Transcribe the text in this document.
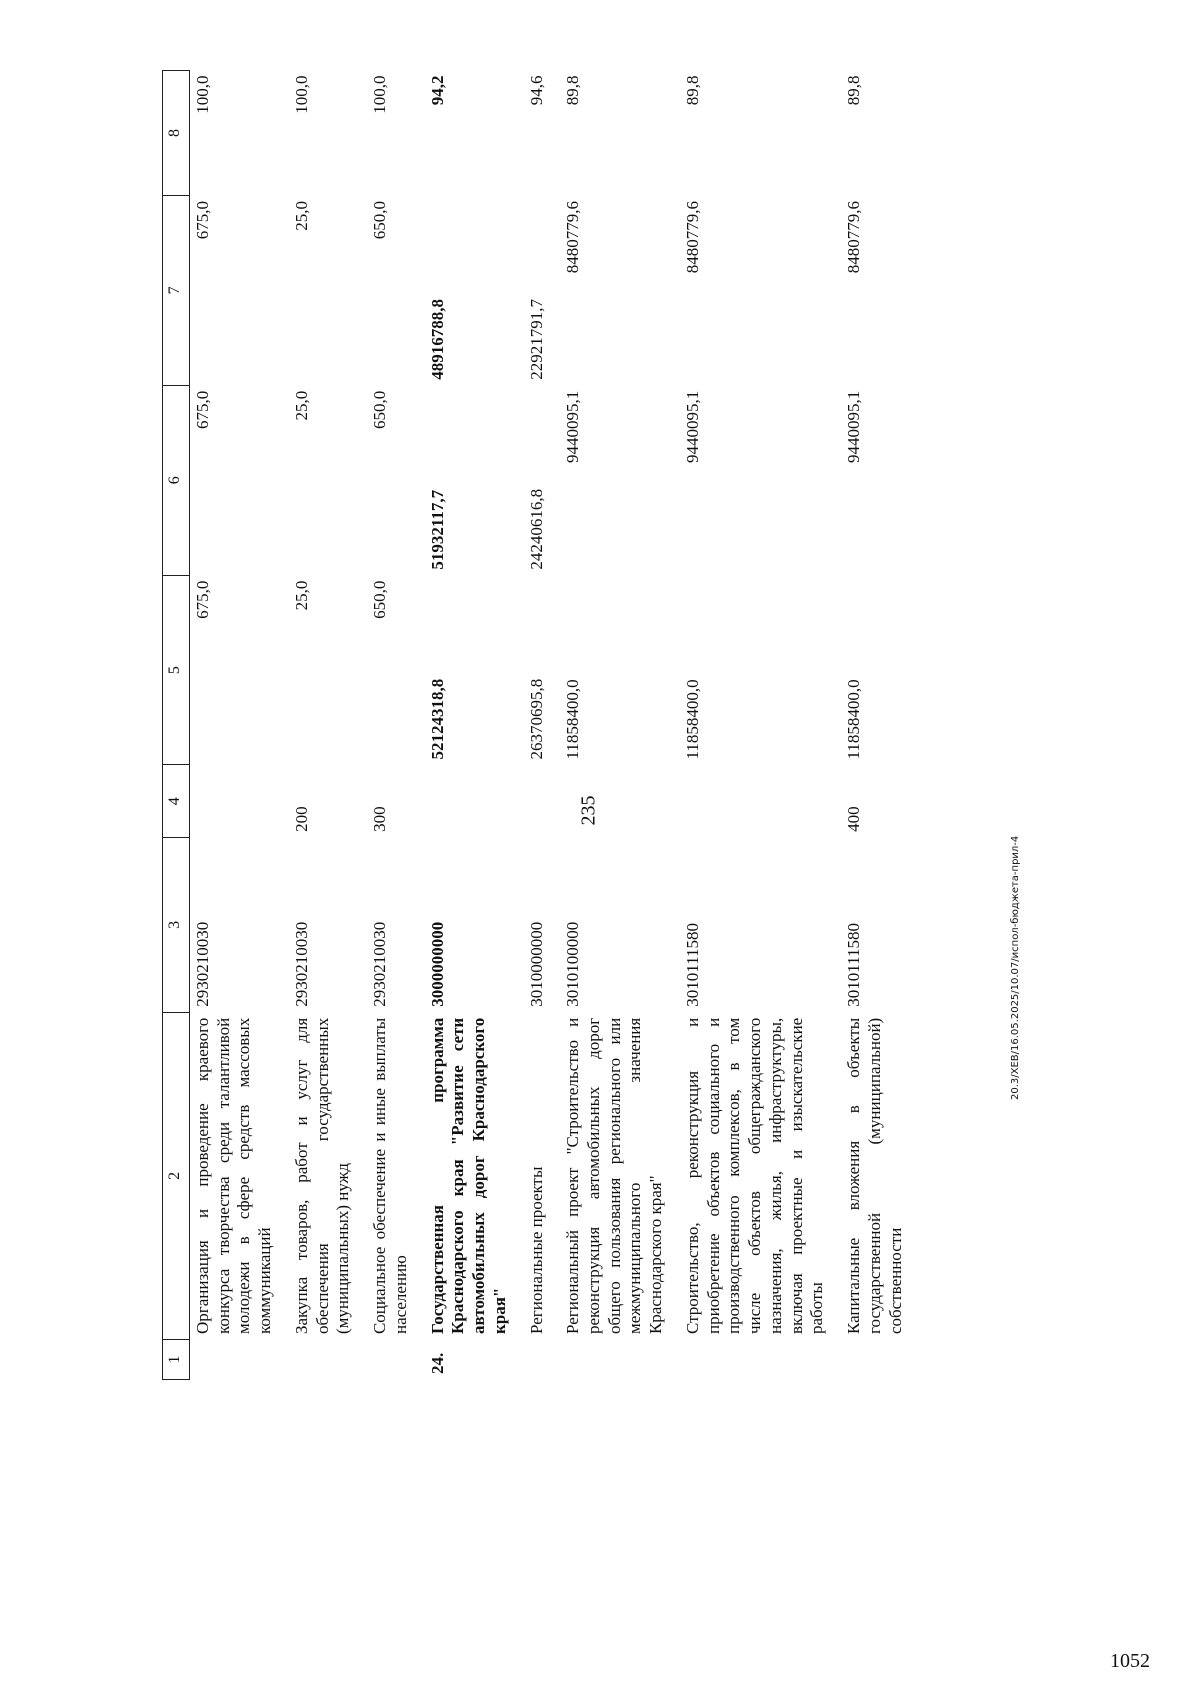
235
1	2	3	4	5	6	7	8
	Организация и проведение краевого конкурса творчества среди талантливой молодежи в сфере средств массовых коммуникаций	2930210030		675,0	675,0	675,0	100,0
	Закупка товаров, работ и услуг для обеспечения государственных (муниципальных) нужд	2930210030	200	25,0	25,0	25,0	100,0
	Социальное обеспечение и иные выплаты населению	2930210030	300	650,0	650,0	650,0	100,0
24.	Государственная программа Краснодарского края "Развитие сети автомобильных дорог Краснодарского края"	3000000000		52124318,8	51932117,7	48916788,8	94,2
	Региональные проекты	3010000000		26370695,8	24240616,8	22921791,7	94,6
	Региональный проект "Строительство и реконструкция автомобильных дорог общего пользования регионального или межмуниципального значения Краснодарского края"	3010100000		11858400,0	9440095,1	8480779,6	89,8
	Строительство, реконструкция и приобретение объектов социального и производственного комплексов, в том числе объектов общегражданского назначения, жилья, инфраструктуры, включая проектные и изыскательские работы	3010111580		11858400,0	9440095,1	8480779,6	89,8
	Капитальные вложения в объекты государственной (муниципальной) собственности	3010111580	400	11858400,0	9440095,1	8480779,6	89,8
20.3/ХЕВ/16.05.2025/10.07/испол-бюджета-прил-4
1052
